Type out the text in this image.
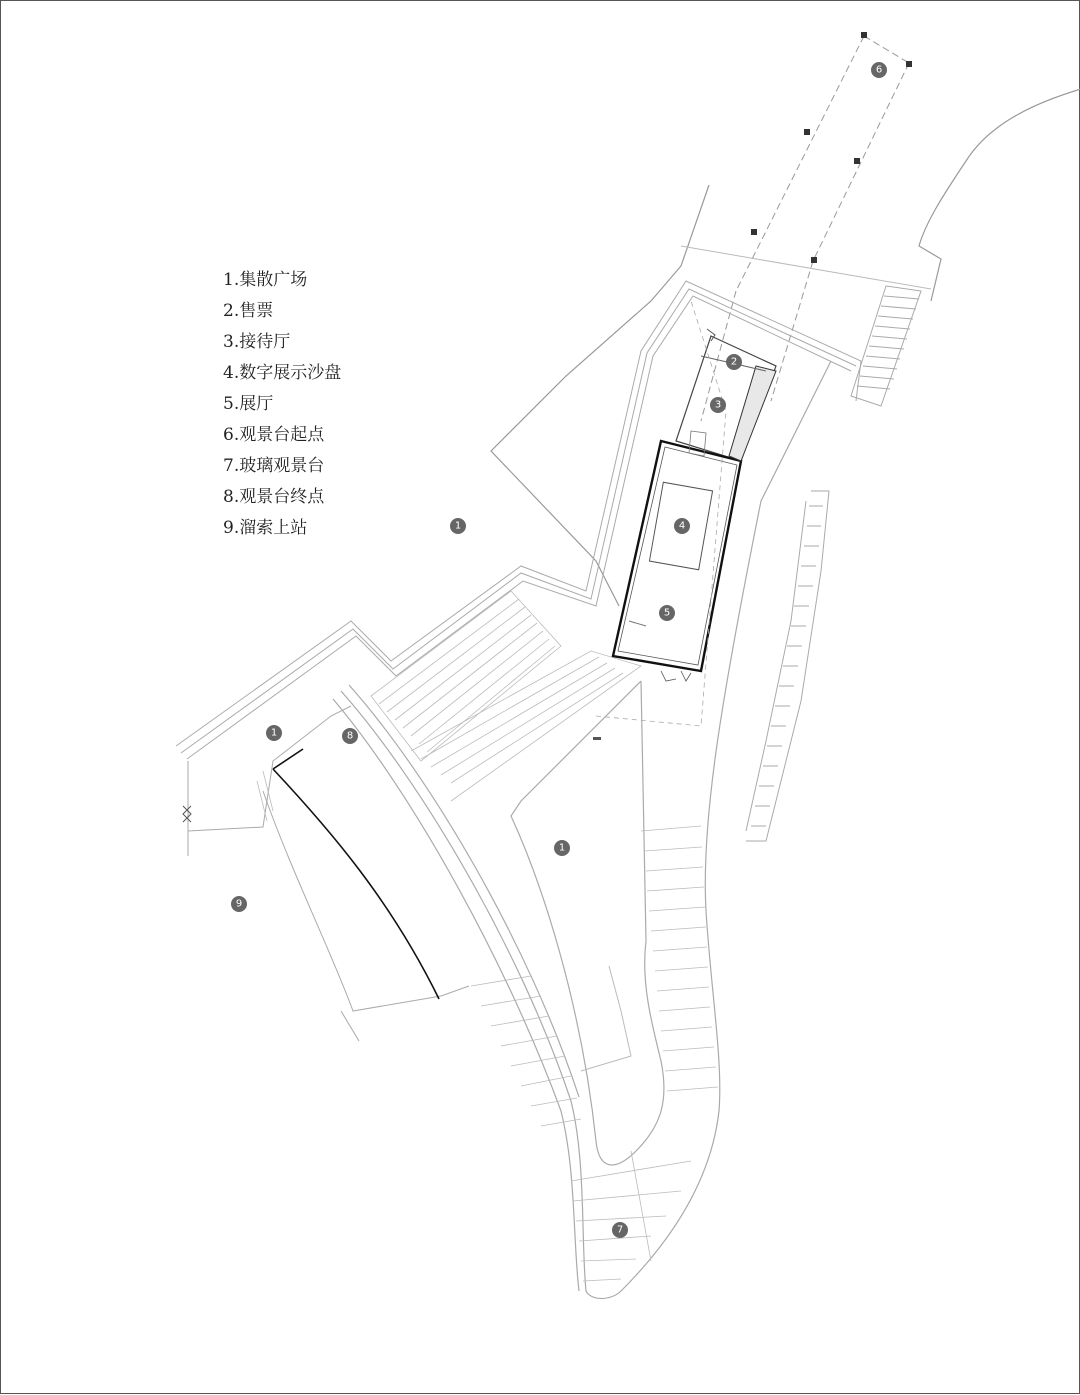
1
1
1
2
3
4
5
6
7
8
9
1.集散广场
2.售票
3.接待厅
4.数字展示沙盘
5.展厅
6.观景台起点
7.玻璃观景台
8.观景台终点
9.溜索上站
